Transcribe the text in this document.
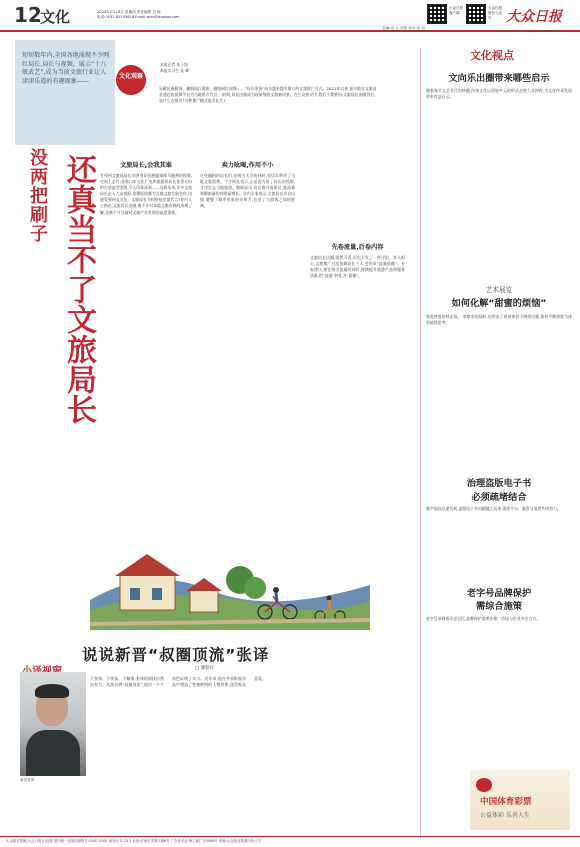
12
文化	2023年2月23日 星期四 责任编辑 吕 栋
电话:0531-85193618 Email:wlzx@dzwww.com
大众日报 客户端
大众日报 微信公众号	大众日报
美编:梁 玉 刘慧 校对:党 岩
短短数年内,全国各地涌现不少网红局长,局长与视频、展示“十八般武艺”,成为当前文旅行业让人津津乐道的有趣现象——
文化观察
本报记者 朱子钰
本报实习生 张 峰
穿戴民族服饰、翻唱流行歌曲、翻拍网红视频……“局长带货”成为越来越多地方的文旅推广方式。2022年以来,很多地方文旅局长通过短视频平台为当地景点代言,一时间,局长出圈成为现象级的文旅新风景。在公众热议中,我们不禁要问:文旅局长出圈背后,是什么在推动?这种推广模式能否长久?
没两把刷子 还真当不了文旅局长	文旅局长,会我其谁
甘孜州文旅局局长刘洪身穿民族服饰跨马驰骋的视频,在网上走红;张家口市文化广电和旅游局局长张菁夫妇的古装造型美照,令人印象深刻……近两年来,许多文旅局长走入大众视野,拍摄短视频为当地文旅发展宣传,迅速受到网友关注。文旅局长为何纷纷出镜代言?业内人士指出,文旅局长出圈,离不开对本地文旅资源的深刻了解,也离不开当地对文旅产业发展的高度重视。
卖力吆喝,作用不小
这些圈粉的局长们,在吸引关注的同时,也切实带动了当地文旅消费。不少网友表示,正是因为看了局长的视频,才决定去当地旅游。数据显示,局长推介的景区,客流量和搜索量均有明显增长。业内专家表示,文旅局长亲自出镜,增强了城市形象的亲和力,拉近了与游客之间的距离。
先卷流量,后卷内容
文旅局长出圈,固然可喜,但也引发了一些讨论。有人担心,文旅推广过度依赖局长个人,会形成“流量依赖”。专家建议,要在吸引流量的同时,持续提升旅游产品和服务质量,把“流量”转化为“留量”。
说说新晋“叔圈顶流”张译
□ 潘春玲
演员张译
不张扬、不炫技、不煽情,张译的演技自然而有力。从演员到“叔圈顶流”,他用一个个角色证明了实力。近年来,他在多部影视作品中塑造了性格鲜明的人物形象,深受观众喜爱。
文化视点
文向乐出圈带来哪些启示
随着春节文艺节目的热播,传统文化以更加多元的形式走进大众视野,为文化传承发展带来有益启示。
艺术展览
如何化解“甜蜜的烦恼”
展览热度持续走高,一票难求的同时,也带来了观展体验下降等问题,如何平衡热度与体验值得思考。
治理盗版电子书
必须疏堵结合
数字阅读迅速发展,盗版电子书问题随之而来,需要平台、监管与读者共同努力。
老字号品牌保护
需综合施策
老字号承载着历史记忆,品牌保护需要法律、市场与企业多方合力。
中国体育彩票
公益体彩 乐善人生
大众报业集团(大众日报社)出版 国内统一连续出版物号:CN37-0001 邮发代号:23-1 社址:济南市泺源大街6号 广告许可证:鲁工商广字0006号 印刷:大众报业集团印务公司
